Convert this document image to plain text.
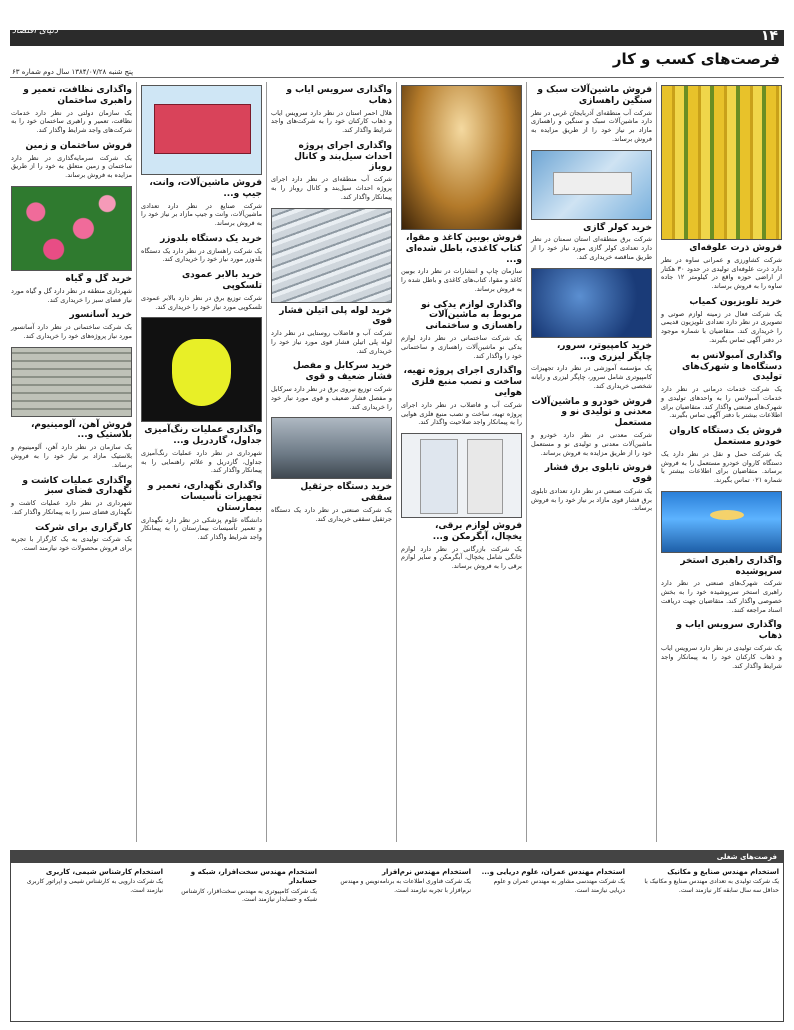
۱۴
دنیای اقتصاد
فرصت‌های کسب و کار
پنج شنبه ۱۳۸۴/۰۷/۲۸ سال دوم شماره ۶۳
فروش ذرت علوفه‌ای

شرکت کشاورزی و عمرانی ساوه در نظر دارد ذرت علوفه‌ای تولیدی در حدود ۳۰ هکتار از اراضی حوزه واقع در کیلومتر ۱۲ جاده ساوه را به فروش برساند.

خرید تلویزیون کمیاب

یک شرکت فعال در زمینه لوازم صوتی و تصویری در نظر دارد تعدادی تلویزیون قدیمی را خریداری کند. متقاضیان با شماره موجود در دفتر آگهی تماس بگیرند.

واگذاری آمبولانس به دستگاه‌ها و شهرک‌های تولیدی

یک شرکت خدمات درمانی در نظر دارد خدمات آمبولانس را به واحدهای تولیدی و شهرک‌های صنعتی واگذار کند. متقاضیان برای اطلاعات بیشتر با دفتر آگهی تماس بگیرند.

فروش یک دستگاه کاروان خودرو مستعمل

یک شرکت حمل و نقل در نظر دارد یک دستگاه کاروان خودرو مستعمل را به فروش برساند. متقاضیان برای اطلاعات بیشتر با شماره ۰۲۱ تماس بگیرند.

واگذاری راهبری استخر سرپوشیده

شرکت شهرک‌های صنعتی در نظر دارد راهبری استخر سرپوشیده خود را به بخش خصوصی واگذار کند. متقاضیان جهت دریافت اسناد مراجعه کنند.

واگذاری سرویس ایاب و ذهاب

یک شرکت تولیدی در نظر دارد سرویس ایاب و ذهاب کارکنان خود را به پیمانکار واجد شرایط واگذار کند.

فروش ماشین‌آلات سبک و سنگین راهسازی

شرکت آب منطقه‌ای آذربایجان غربی در نظر دارد ماشین‌آلات سبک و سنگین و راهسازی مازاد بر نیاز خود را از طریق مزایده به فروش برساند.

خرید کولر گازی

شرکت برق منطقه‌ای استان سمنان در نظر دارد تعدادی کولر گازی مورد نیاز خود را از طریق مناقصه خریداری کند.

خرید کامپیوتر، سرور، چاپگر لیزری و...

یک مؤسسه آموزشی در نظر دارد تجهیزات کامپیوتری شامل سرور، چاپگر لیزری و رایانه شخصی خریداری کند.

فروش خودرو و ماشین‌آلات معدنی و تولیدی نو و مستعمل

شرکت معدنی در نظر دارد خودرو و ماشین‌آلات معدنی و تولیدی نو و مستعمل خود را از طریق مزایده به فروش برساند.

فروش تابلوی برق فشار قوی

یک شرکت صنعتی در نظر دارد تعدادی تابلوی برق فشار قوی مازاد بر نیاز خود را به فروش برساند.

فروش بوبین کاغذ و مقوا، کتاب کاغذی، باطل شده‌ای و...

سازمان چاپ و انتشارات در نظر دارد بوبین کاغذ و مقوا، کتاب‌های کاغذی و باطل شده را به فروش برساند.

واگذاری لوازم یدکی نو مربوط به ماشین‌آلات راهسازی و ساختمانی

یک شرکت ساختمانی در نظر دارد لوازم یدکی نو ماشین‌آلات راهسازی و ساختمانی خود را واگذار کند.

واگذاری اجرای پروژه تهیه، ساخت و نصب منبع فلزی هوایی

شرکت آب و فاضلاب در نظر دارد اجرای پروژه تهیه، ساخت و نصب منبع فلزی هوایی را به پیمانکار واجد صلاحیت واگذار کند.

فروش لوازم برقی، یخچال، آبگرمکن و...

یک شرکت بازرگانی در نظر دارد لوازم خانگی شامل یخچال، آبگرمکن و سایر لوازم برقی را به فروش برساند.

واگذاری سرویس ایاب و ذهاب

هلال احمر استان در نظر دارد سرویس ایاب و ذهاب کارکنان خود را به شرکت‌های واجد شرایط واگذار کند.

واگذاری اجرای پروژه احداث سیل‌بند و کانال روباز

شرکت آب منطقه‌ای در نظر دارد اجرای پروژه احداث سیل‌بند و کانال روباز را به پیمانکار واگذار کند.

خرید لوله پلی اتیلن فشار قوی

شرکت آب و فاضلاب روستایی در نظر دارد لوله پلی اتیلن فشار قوی مورد نیاز خود را خریداری کند.

خرید سرکابل و مفصل فشار ضعیف و قوی

شرکت توزیع نیروی برق در نظر دارد سرکابل و مفصل فشار ضعیف و قوی مورد نیاز خود را خریداری کند.

خرید دستگاه جرثقیل سقفی

یک شرکت صنعتی در نظر دارد یک دستگاه جرثقیل سقفی خریداری کند.

فروش ماشین‌آلات، وانت، جیپ و...

شرکت صنایع در نظر دارد تعدادی ماشین‌آلات، وانت و جیپ مازاد بر نیاز خود را به فروش برساند.

خرید یک دستگاه بلدوزر

یک شرکت راهسازی در نظر دارد یک دستگاه بلدوزر مورد نیاز خود را خریداری کند.

خرید بالابر عمودی تلسکوپی

شرکت توزیع برق در نظر دارد بالابر عمودی تلسکوپی مورد نیاز خود را خریداری کند.

واگذاری عملیات رنگ‌آمیزی جداول، گاردریل و...

شهرداری در نظر دارد عملیات رنگ‌آمیزی جداول، گاردریل و علائم راهنمایی را به پیمانکار واگذار کند.

واگذاری نگهداری، تعمیر و تجهیزات تأسیسات بیمارستان

دانشگاه علوم پزشکی در نظر دارد نگهداری و تعمیر تأسیسات بیمارستان را به پیمانکار واجد شرایط واگذار کند.

واگذاری نظافت، تعمیر و راهبری ساختمان

یک سازمان دولتی در نظر دارد خدمات نظافت، تعمیر و راهبری ساختمان خود را به شرکت‌های واجد شرایط واگذار کند.

فروش ساختمان و زمین

یک شرکت سرمایه‌گذاری در نظر دارد ساختمان و زمین متعلق به خود را از طریق مزایده به فروش برساند.

خرید گل و گیاه

شهرداری منطقه در نظر دارد گل و گیاه مورد نیاز فضای سبز را خریداری کند.

خرید آسانسور

یک شرکت ساختمانی در نظر دارد آسانسور مورد نیاز پروژه‌های خود را خریداری کند.

فروش آهن، آلومینیوم، بلاستیک و...

یک سازمان در نظر دارد آهن، آلومینیوم و بلاستیک مازاد بر نیاز خود را به فروش برساند.

واگذاری عملیات کاشت و نگهداری فضای سبز

شهرداری در نظر دارد عملیات کاشت و نگهداری فضای سبز را به پیمانکار واگذار کند.

کارگزاری برای شرکت

یک شرکت تولیدی به یک کارگزار با تجربه برای فروش محصولات خود نیازمند است.

فرصت‌های شغلی
استخدام مهندس صنایع و مکانیک

یک شرکت تولیدی به تعدادی مهندس صنایع و مکانیک با حداقل سه سال سابقه کار نیازمند است.

استخدام مهندس عمران، علوم دریایی و...

یک شرکت مهندسی مشاور به مهندس عمران و علوم دریایی نیازمند است.

استخدام مهندس نرم‌افزار

یک شرکت فناوری اطلاعات به برنامه‌نویس و مهندس نرم‌افزار با تجربه نیازمند است.

استخدام مهندس سخت‌افزار، شبکه و حسابدار

یک شرکت کامپیوتری به مهندس سخت‌افزار، کارشناس شبکه و حسابدار نیازمند است.

استخدام کارشناس شیمی، کاربری

یک شرکت دارویی به کارشناس شیمی و اپراتور کاربری نیازمند است.
